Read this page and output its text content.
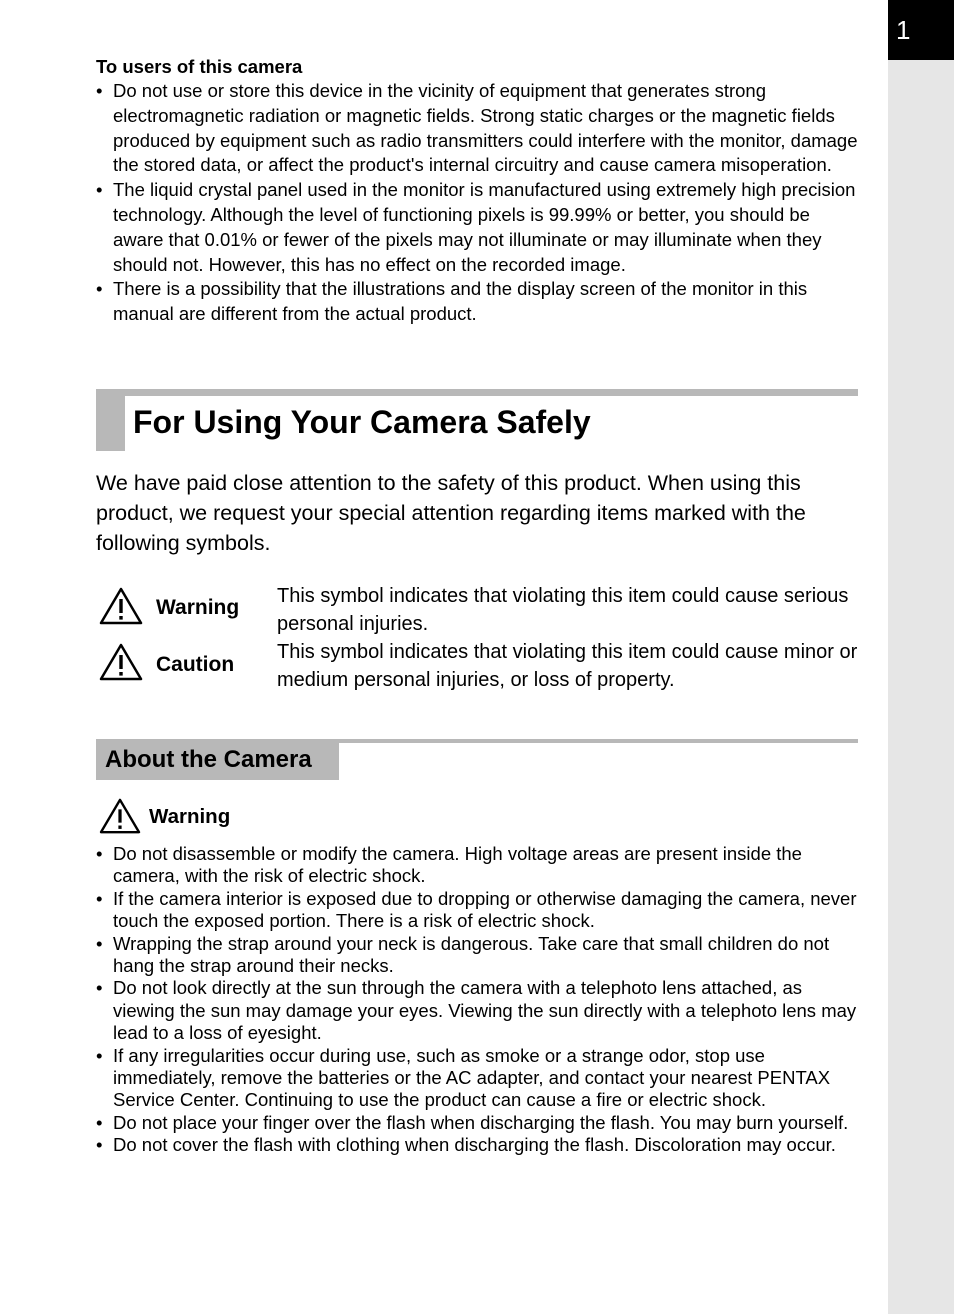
1
To users of this camera
• Do not use or store this device in the vicinity of equipment that generates strong electromagnetic radiation or magnetic fields. Strong static charges or the magnetic fields produced by equipment such as radio transmitters could interfere with the monitor, damage the stored data, or affect the product's internal circuitry and cause camera misoperation.
• The liquid crystal panel used in the monitor is manufactured using extremely high precision technology. Although the level of functioning pixels is 99.99% or better, you should be aware that 0.01% or fewer of the pixels may not illuminate or may illuminate when they should not. However, this has no effect on the recorded image.
• There is a possibility that the illustrations and the display screen of the monitor in this manual are different from the actual product.
For Using Your Camera Safely
We have paid close attention to the safety of this product. When using this product, we request your special attention regarding items marked with the following symbols.
Warning This symbol indicates that violating this item could cause serious personal injuries.
Caution
This symbol indicates that violating this item could cause minor or medium personal injuries, or loss of property.
About the Camera
Warning
• Do not disassemble or modify the camera. High voltage areas are present inside the camera, with the risk of electric shock.
• If the camera interior is exposed due to dropping or otherwise damaging the camera, never touch the exposed portion. There is a risk of electric shock.
• Wrapping the strap around your neck is dangerous. Take care that small children do not hang the strap around their necks.
• Do not look directly at the sun through the camera with a telephoto lens attached, as viewing the sun may damage your eyes. Viewing the sun directly with a telephoto lens may lead to a loss of eyesight.
• If any irregularities occur during use, such as smoke or a strange odor, stop use immediately, remove the batteries or the AC adapter, and contact your nearest PENTAX Service Center. Continuing to use the product can cause a fire or electric shock.
• Do not place your finger over the flash when discharging the flash. You may burn yourself.
• Do not cover the flash with clothing when discharging the flash. Discoloration may occur.
